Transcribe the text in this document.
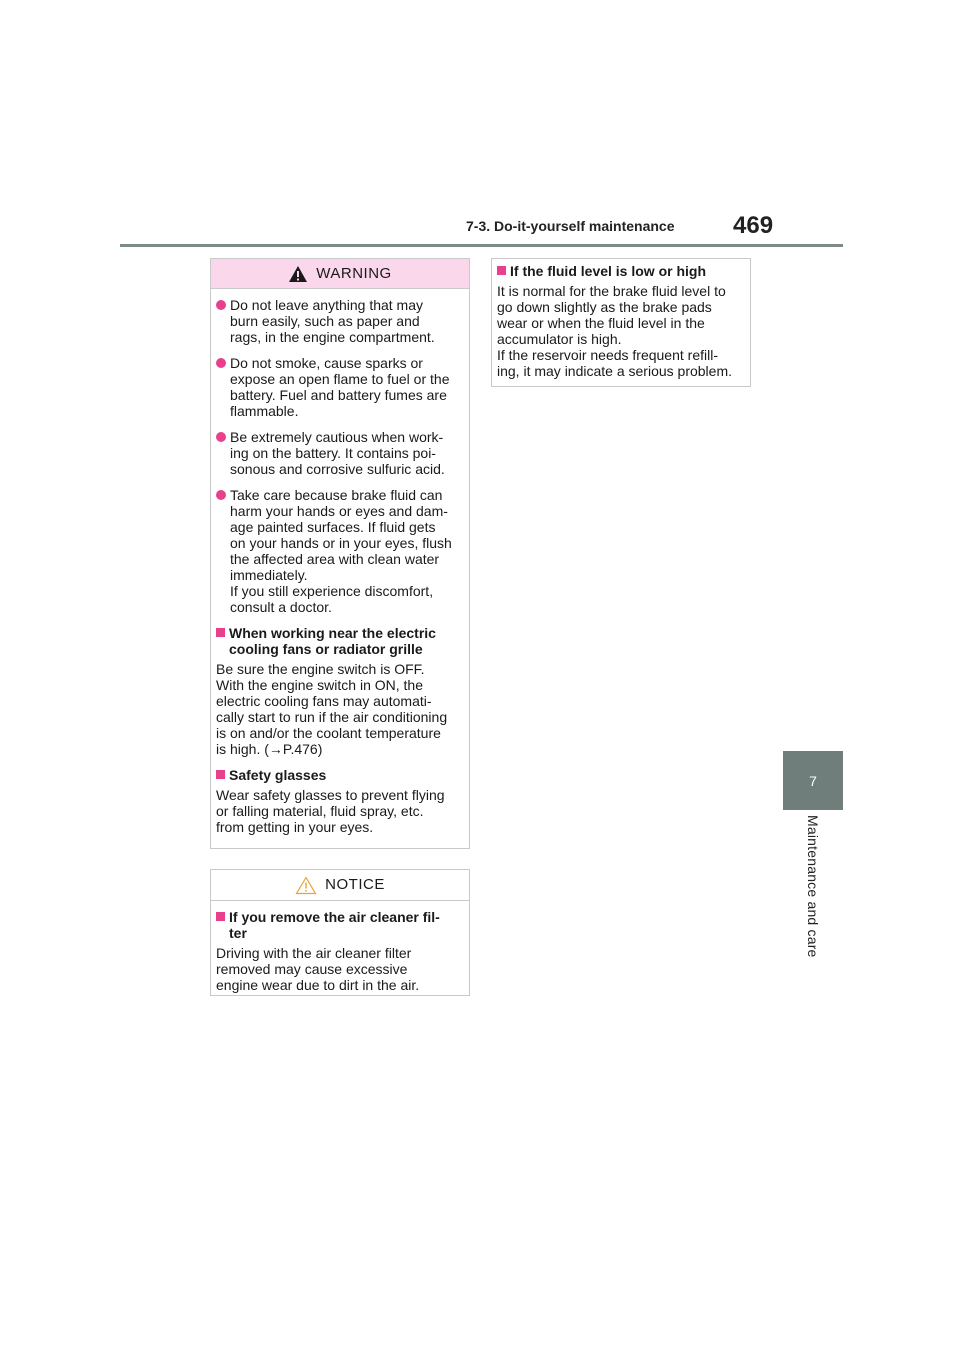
7-3. Do-it-yourself maintenance 469
7
Maintenance and care
WARNING
Do not leave anything that may
burn easily, such as paper and
rags, in the engine compartment.
Do not smoke, cause sparks or
expose an open flame to fuel or the
battery. Fuel and battery fumes are
flammable.
Be extremely cautious when work-
ing on the battery. It contains poi-
sonous and corrosive sulfuric acid.
Take care because brake fluid can
harm your hands or eyes and dam-
age painted surfaces. If fluid gets
on your hands or in your eyes, flush
the affected area with clean water
immediately.
If you still experience discomfort,
consult a doctor.
When working near the electric
cooling fans or radiator grille
Be sure the engine switch is OFF.
With the engine switch in ON, the
electric cooling fans may automati-
cally start to run if the air conditioning
is on and/or the coolant temperature
is high. (→P.476)
Safety glasses
Wear safety glasses to prevent flying
or falling material, fluid spray, etc.
from getting in your eyes.
NOTICE
If you remove the air cleaner fil-
ter
Driving with the air cleaner filter
removed may cause excessive
engine wear due to dirt in the air.
If the fluid level is low or high
It is normal for the brake fluid level to
go down slightly as the brake pads
wear or when the fluid level in the
accumulator is high.
If the reservoir needs frequent refill-
ing, it may indicate a serious problem.
